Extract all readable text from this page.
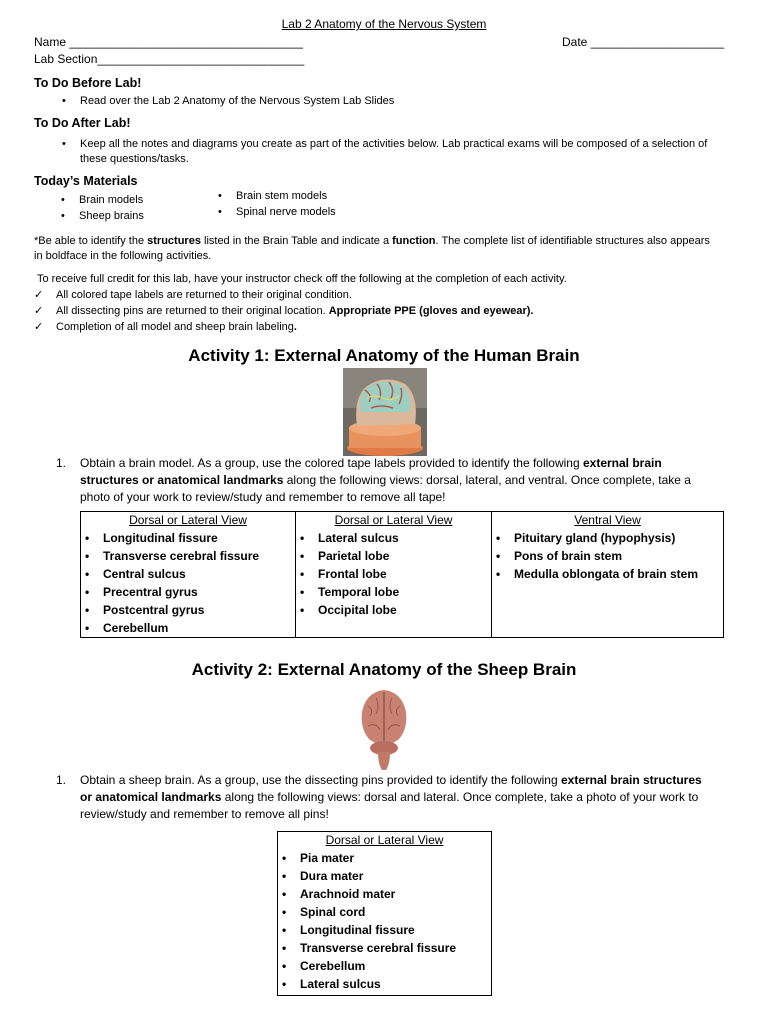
Lab 2 Anatomy of the Nervous System
Name ___________________________________	Date ____________________
Lab Section_______________________________
To Do Before Lab!
• Read over the Lab 2 Anatomy of the Nervous System Lab Slides
To Do After Lab!
• Keep all the notes and diagrams you create as part of the activities below. Lab practical exams will be composed of a selection of
these questions/tasks.
Today’s Materials
• Brain models
• Sheep brains
• Brain stem models
• Spinal nerve models
*Be able to identify the structures listed in the Brain Table and indicate a function. The complete list of identifiable structures also appears
in boldface in the following activities.
To receive full credit for this lab, have your instructor check off the following at the completion of each activity.
✓ All colored tape labels are returned to their original condition.
✓ All dissecting pins are returned to their original location. Appropriate PPE (gloves and eyewear).
✓ Completion of all model and sheep brain labeling.
Activity 1: External Anatomy of the Human Brain
1. Obtain a brain model. As a group, use the colored tape labels provided to identify the following external brain
structures or anatomical landmarks along the following views: dorsal, lateral, and ventral. Once complete, take a
photo of your work to review/study and remember to remove all tape!
Dorsal or Lateral View
• Longitudinal fissure
• Transverse cerebral fissure
• Central sulcus
• Precentral gyrus
• Postcentral gyrus
• Cerebellum

Dorsal or Lateral View
• Lateral sulcus
• Parietal lobe
• Frontal lobe
• Temporal lobe
• Occipital lobe

Ventral View
• Pituitary gland (hypophysis)
• Pons of brain stem
• Medulla oblongata of brain stem
Activity 2: External Anatomy of the Sheep Brain
1. Obtain a sheep brain. As a group, use the dissecting pins provided to identify the following external brain structures
or anatomical landmarks along the following views: dorsal and lateral. Once complete, take a photo of your work to
review/study and remember to remove all pins!
Dorsal or Lateral View
• Pia mater
• Dura mater
• Arachnoid mater
• Spinal cord
• Longitudinal fissure
• Transverse cerebral fissure
• Cerebellum
• Lateral sulcus
